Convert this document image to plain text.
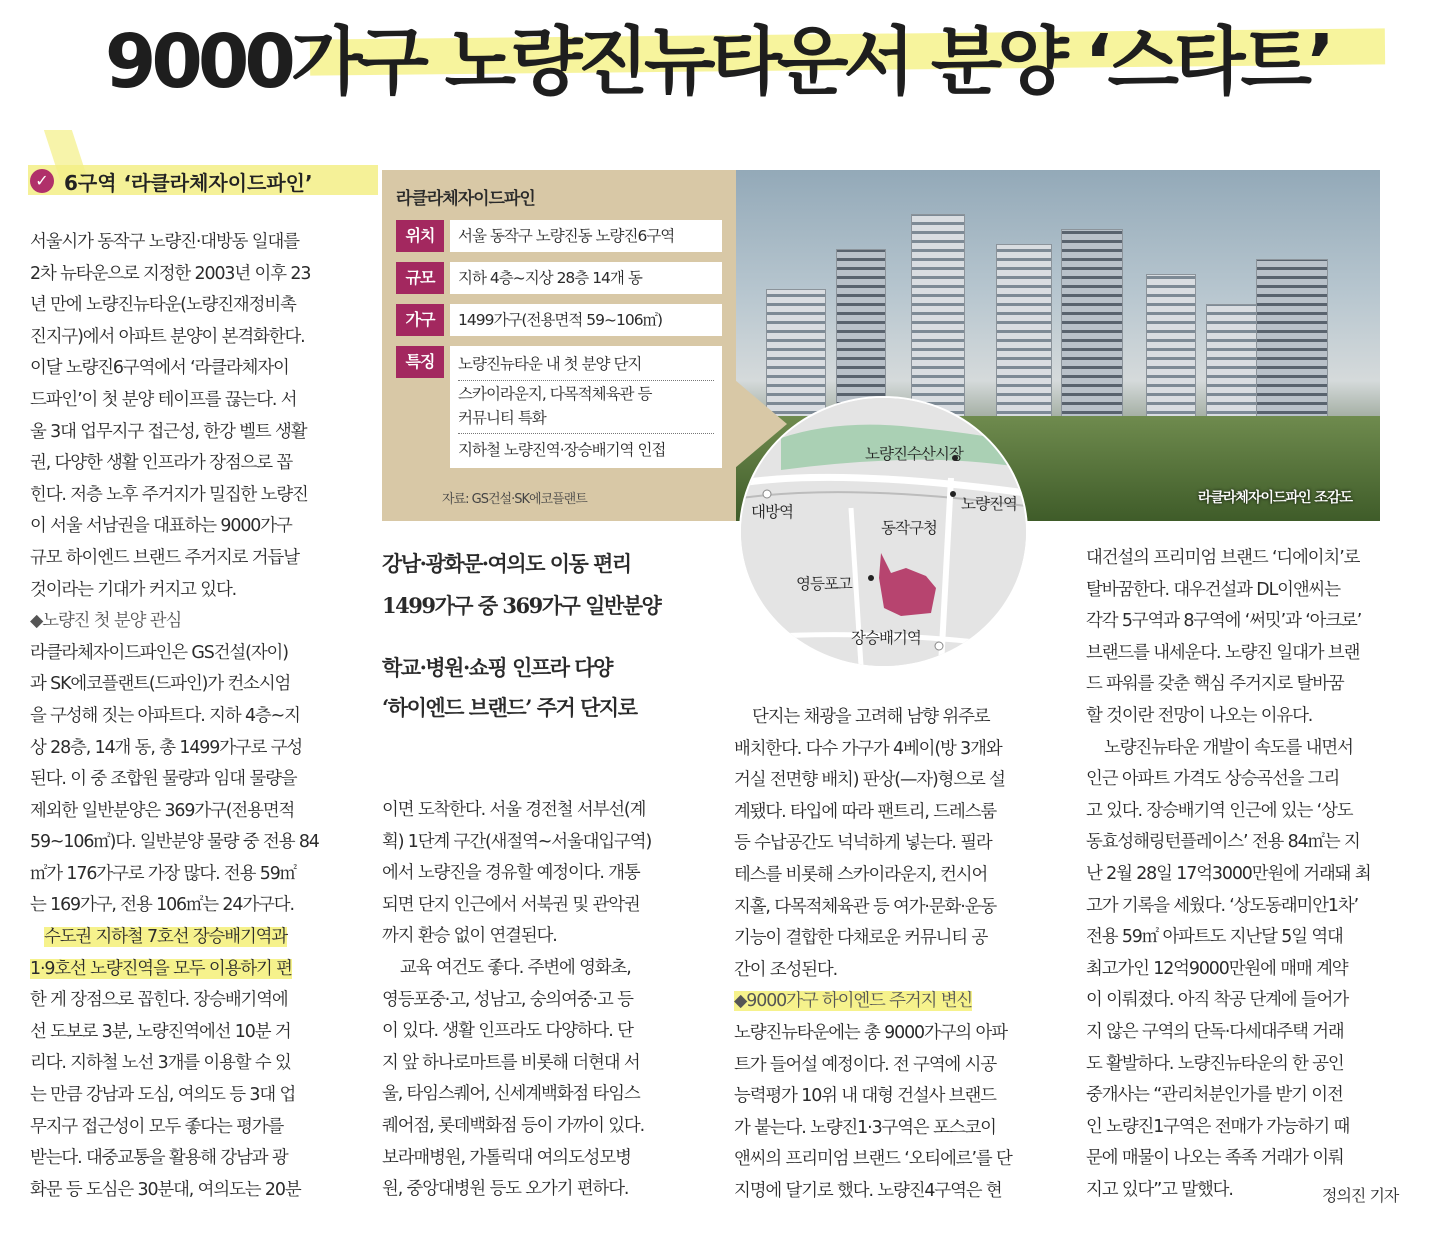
9000가구 노량진뉴타운서 분양 ‘스타트’
✓ 6구역 ‘라클라체자이드파인’

서울시가 동작구 노량진·대방동 일대를

2차 뉴타운으로 지정한 2003년 이후 23

년 만에 노량진뉴타운(노량진재정비촉

진지구)에서 아파트 분양이 본격화한다.

이달 노량진6구역에서 ‘라클라체자이

드파인’이 첫 분양 테이프를 끊는다. 서

울 3대 업무지구 접근성, 한강 벨트 생활

권, 다양한 생활 인프라가 장점으로 꼽

힌다. 저층 노후 주거지가 밀집한 노량진

이 서울 서남권을 대표하는 9000가구

규모 하이엔드 브랜드 주거지로 거듭날

것이라는 기대가 커지고 있다.

◆노량진 첫 분양 관심

라클라체자이드파인은 GS건설(자이)

과 SK에코플랜트(드파인)가 컨소시엄

을 구성해 짓는 아파트다. 지하 4층~지

상 28층, 14개 동, 총 1499가구로 구성

된다. 이 중 조합원 물량과 임대 물량을

제외한 일반분양은 369가구(전용면적

59~106㎡)다. 일반분양 물량 중 전용 84

㎡가 176가구로 가장 많다. 전용 59㎡

는 169가구, 전용 106㎡는 24가구다.

수도권 지하철 7호선 장승배기역과

1·9호선 노량진역을 모두 이용하기 편

한 게 장점으로 꼽힌다. 장승배기역에

선 도보로 3분, 노량진역에선 10분 거

리다. 지하철 노선 3개를 이용할 수 있

는 만큼 강남과 도심, 여의도 등 3대 업

무지구 접근성이 모두 좋다는 평가를

받는다. 대중교통을 활용해 강남과 광

화문 등 도심은 30분대, 여의도는 20분

라클라체자이드파인
위치	서울 동작구 노량진동 노량진6구역
규모	지하 4층~지상 28층 14개 동
가구	1499가구(전용면적 59~106㎡)
특징	노량진뉴타운 내 첫 분양 단지
스카이라운지, 다목적체육관 등
커뮤니티 특화
지하철 노량진역·장승배기역 인접
자료: GS건설·SK에코플랜트	라클라체자이드파인 조감도
노량진수산시장
대방역	노량진역
동작구청
영등포고
장승배기역
강남·광화문·여의도 이동 편리
1499가구 중 369가구 일반분양
학교·병원·쇼핑 인프라 다양
‘하이엔드 브랜드’ 주거 단지로

이면 도착한다. 서울 경전철 서부선(계

획) 1단계 구간(새절역~서울대입구역)

에서 노량진을 경유할 예정이다. 개통

되면 단지 인근에서 서북권 및 관악권

까지 환승 없이 연결된다.

교육 여건도 좋다. 주변에 영화초,

영등포중·고, 성남고, 숭의여중·고 등

이 있다. 생활 인프라도 다양하다. 단

지 앞 하나로마트를 비롯해 더현대 서

울, 타임스퀘어, 신세계백화점 타임스

퀘어점, 롯데백화점 등이 가까이 있다.

보라매병원, 가톨릭대 여의도성모병

원, 중앙대병원 등도 오가기 편하다.

단지는 채광을 고려해 남향 위주로

배치한다. 다수 가구가 4베이(방 3개와

거실 전면향 배치) 판상(—자)형으로 설

계됐다. 타입에 따라 팬트리, 드레스룸

등 수납공간도 넉넉하게 넣는다. 필라

테스를 비롯해 스카이라운지, 컨시어

지홀, 다목적체육관 등 여가·문화·운동

기능이 결합한 다채로운 커뮤니티 공

간이 조성된다.

◆9000가구 하이엔드 주거지 변신

노량진뉴타운에는 총 9000가구의 아파

트가 들어설 예정이다. 전 구역에 시공

능력평가 10위 내 대형 건설사 브랜드

가 붙는다. 노량진1·3구역은 포스코이

앤씨의 프리미엄 브랜드 ‘오티에르’를 단

지명에 달기로 했다. 노량진4구역은 현

대건설의 프리미엄 브랜드 ‘디에이치’로

탈바꿈한다. 대우건설과 DL이앤씨는

각각 5구역과 8구역에 ‘써밋’과 ‘아크로’

브랜드를 내세운다. 노량진 일대가 브랜

드 파워를 갖춘 핵심 주거지로 탈바꿈

할 것이란 전망이 나오는 이유다.

노량진뉴타운 개발이 속도를 내면서

인근 아파트 가격도 상승곡선을 그리

고 있다. 장승배기역 인근에 있는 ‘상도

동효성해링턴플레이스’ 전용 84㎡는 지

난 2월 28일 17억3000만원에 거래돼 최

고가 기록을 세웠다. ‘상도동래미안1차’

전용 59㎡ 아파트도 지난달 5일 역대

최고가인 12억9000만원에 매매 계약

이 이뤄졌다. 아직 착공 단계에 들어가

지 않은 구역의 단독·다세대주택 거래

도 활발하다. 노량진뉴타운의 한 공인

중개사는 “관리처분인가를 받기 이전

인 노량진1구역은 전매가 가능하기 때

문에 매물이 나오는 족족 거래가 이뤄

지고 있다”고 말했다.	정의진 기자
